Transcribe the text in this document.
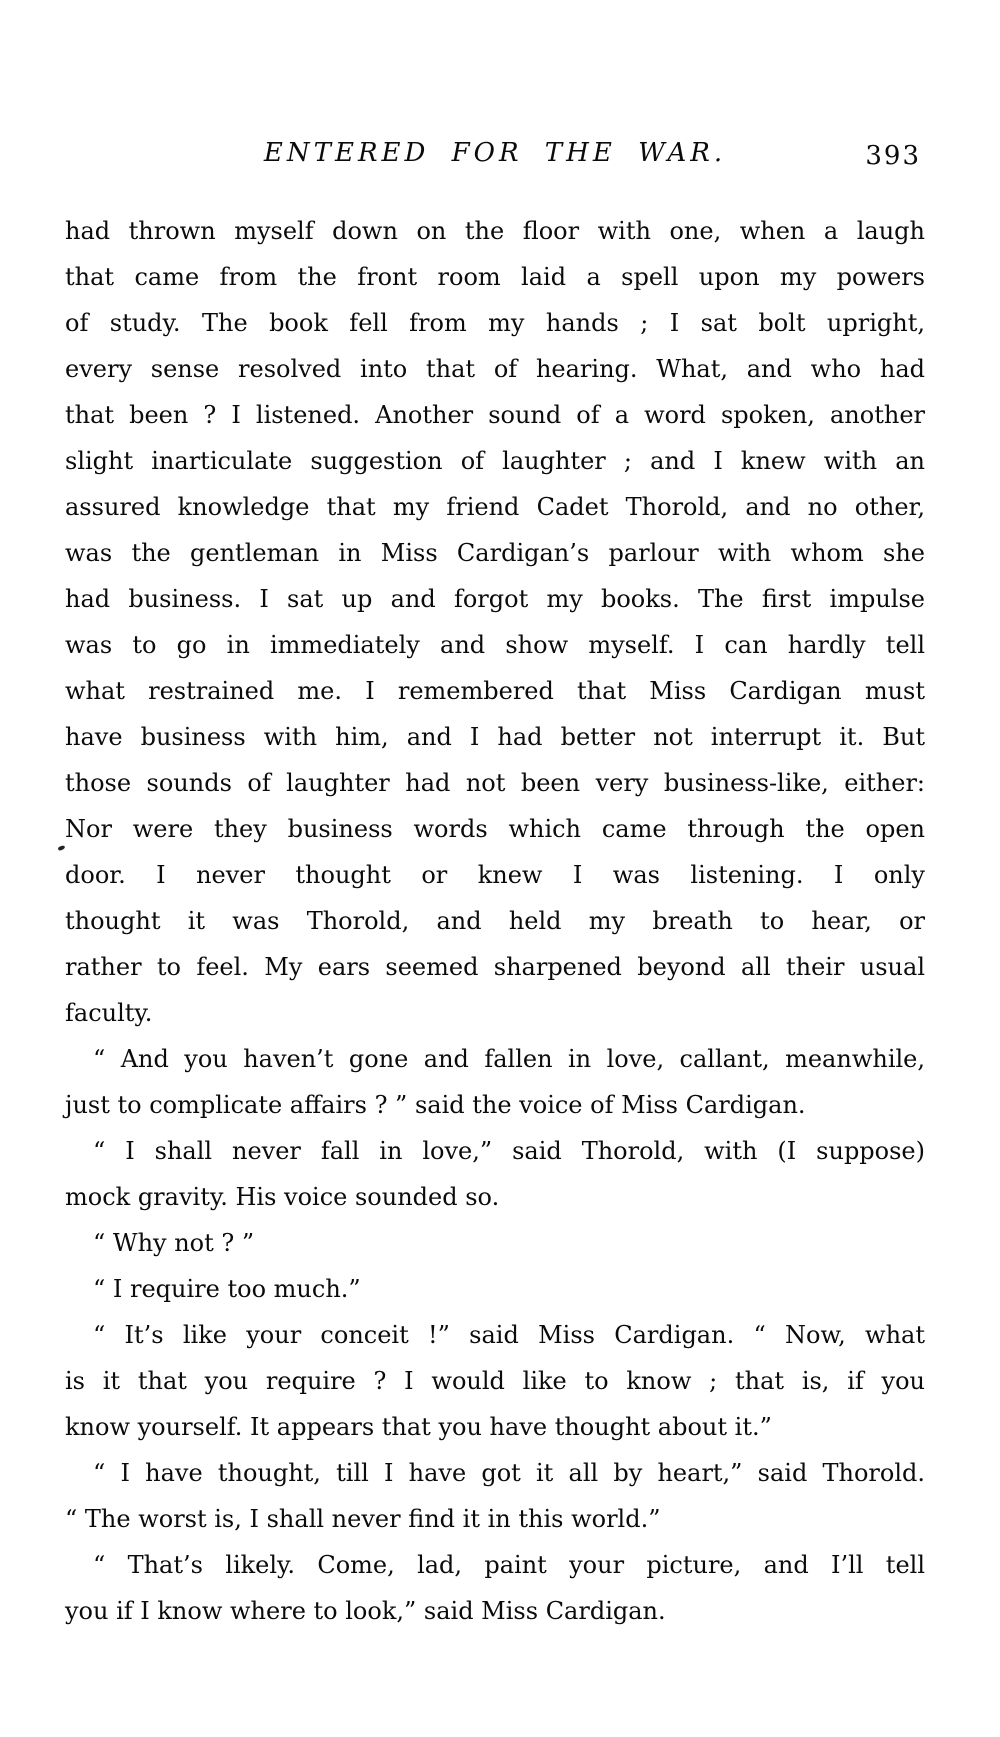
ENTERED FOR THE WAR.	393

had thrown myself down on the floor with one, when a laugh
that came from the front room laid a spell upon my powers
of study. The book fell from my hands ; I sat bolt upright,
every sense resolved into that of hearing. What, and who had
that been ? I listened. Another sound of a word spoken, another
slight inarticulate suggestion of laughter ; and I knew with an
assured knowledge that my friend Cadet Thorold, and no other,
was the gentleman in Miss Cardigan’s parlour with whom she
had business. I sat up and forgot my books. The first impulse
was to go in immediately and show myself. I can hardly tell
what restrained me. I remembered that Miss Cardigan must
have business with him, and I had better not interrupt it. But
those sounds of laughter had not been very business-like, either:
Nor were they business words which came through the open
door. I never thought or knew I was listening. I only
thought it was Thorold, and held my breath to hear, or
rather to feel. My ears seemed sharpened beyond all their usual
faculty.

“ And you haven’t gone and fallen in love, callant, meanwhile,
just to complicate affairs ? ” said the voice of Miss Cardigan.

“ I shall never fall in love,” said Thorold, with (I suppose)
mock gravity. His voice sounded so.

“ Why not ? ”

“ I require too much.”

“ It’s like your conceit !” said Miss Cardigan. “ Now, what
is it that you require ? I would like to know ; that is, if you
know yourself. It appears that you have thought about it.”

“ I have thought, till I have got it all by heart,” said Thorold.
“ The worst is, I shall never find it in this world.”

“ That’s likely. Come, lad, paint your picture, and I’ll tell
you if I know where to look,” said Miss Cardigan.
